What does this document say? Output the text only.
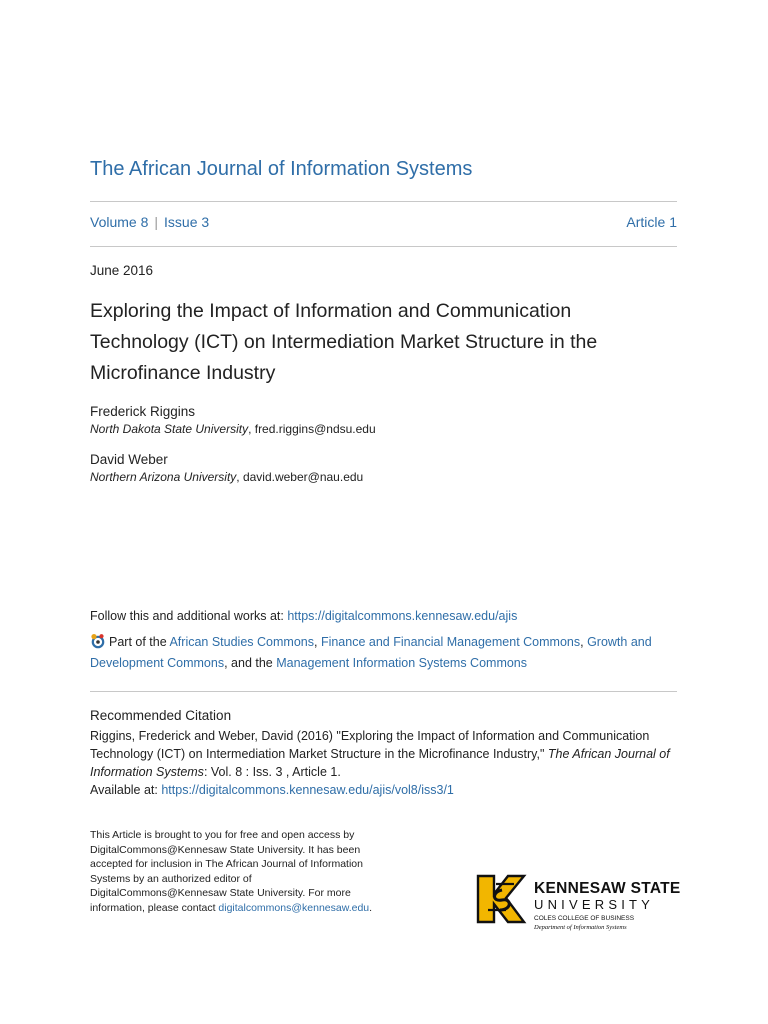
The African Journal of Information Systems
Volume 8 | Issue 3	Article 1
June 2016
Exploring the Impact of Information and Communication Technology (ICT) on Intermediation Market Structure in the Microfinance Industry
Frederick Riggins
North Dakota State University, fred.riggins@ndsu.edu
David Weber
Northern Arizona University, david.weber@nau.edu
Follow this and additional works at: https://digitalcommons.kennesaw.edu/ajis
Part of the African Studies Commons, Finance and Financial Management Commons, Growth and Development Commons, and the Management Information Systems Commons
Recommended Citation
Riggins, Frederick and Weber, David (2016) "Exploring the Impact of Information and Communication Technology (ICT) on Intermediation Market Structure in the Microfinance Industry," The African Journal of Information Systems: Vol. 8 : Iss. 3 , Article 1.
Available at: https://digitalcommons.kennesaw.edu/ajis/vol8/iss3/1
This Article is brought to you for free and open access by DigitalCommons@Kennesaw State University. It has been accepted for inclusion in The African Journal of Information Systems by an authorized editor of DigitalCommons@Kennesaw State University. For more information, please contact digitalcommons@kennesaw.edu.
KENNESAW STATE
UNIVERSITY
COLES COLLEGE OF BUSINESS
Department of Information Systems
